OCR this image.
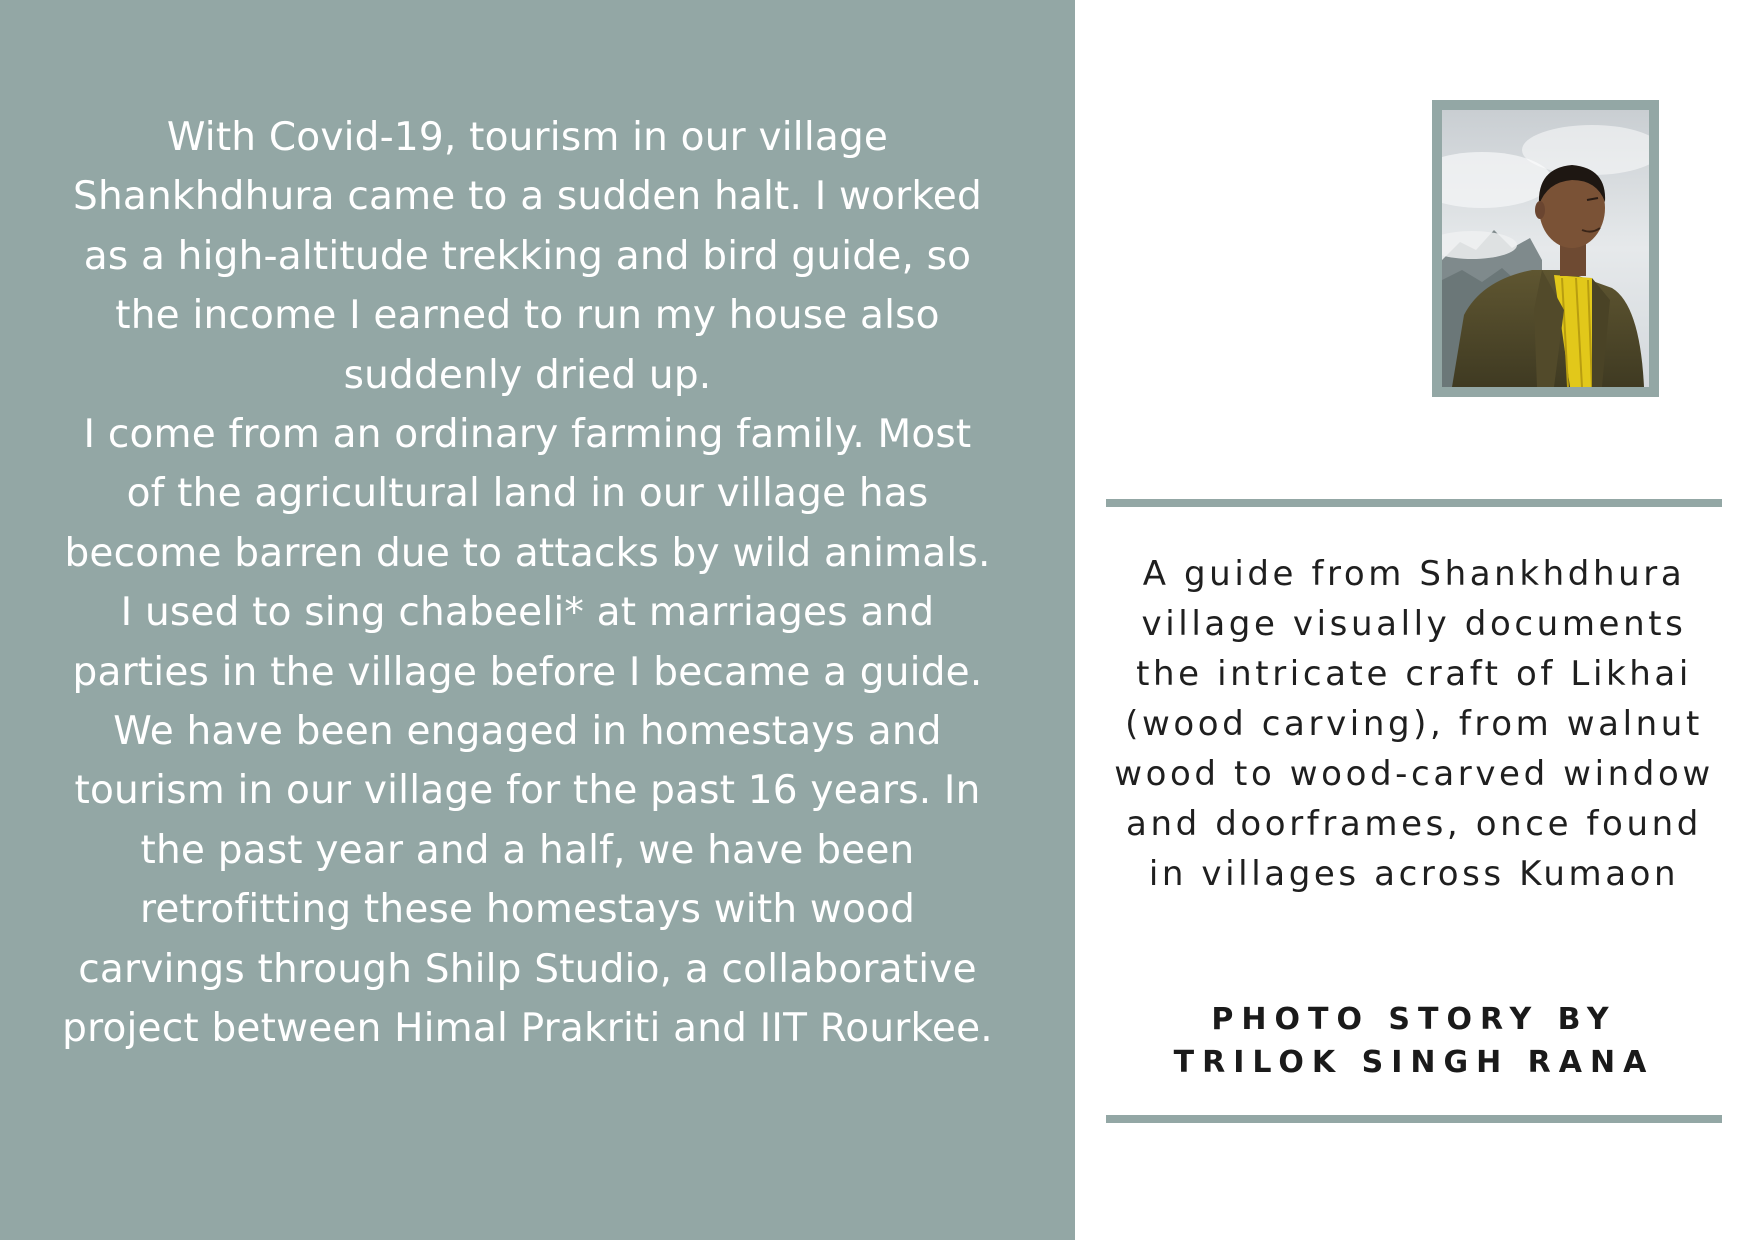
With Covid-19, tourism in our village Shankhdhura came to a sudden halt. I worked as a high-altitude trekking and bird guide, so the income I earned to run my house also suddenly dried up.

I come from an ordinary farming family. Most of the agricultural land in our village has become barren due to attacks by wild animals. I used to sing chabeeli* at marriages and parties in the village before I became a guide. We have been engaged in homestays and tourism in our village for the past 16 years. In the past year and a half, we have been retrofitting these homestays with wood carvings through Shilp Studio, a collaborative project between Himal Prakriti and IIT Rourkee.

A guide from Shankhdhura village visually documents the intricate craft of Likhai (wood carving), from walnut wood to wood-carved window and doorframes, once found in villages across Kumaon
PHOTO STORY BY
TRILOK SINGH RANA
